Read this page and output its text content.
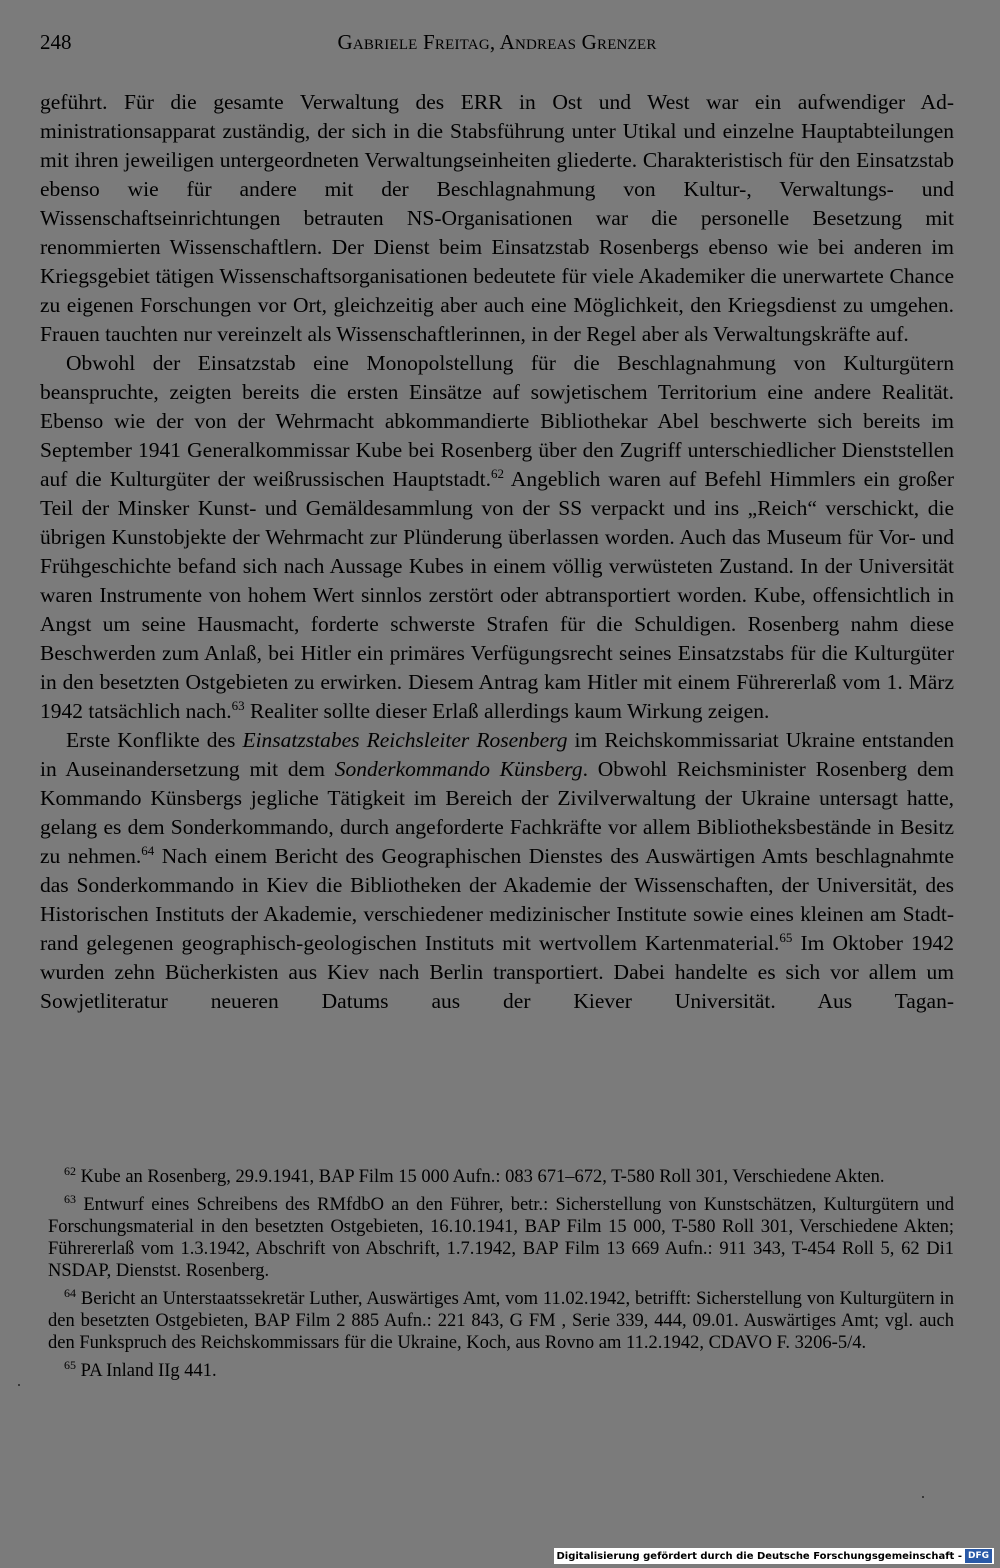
248	Gabriele Freitag, Andreas Grenzer

geführt. Für die gesamte Verwaltung des ERR in Ost und West war ein aufwendiger Administrationsapparat zuständig, der sich in die Stabsführung unter Utikal und einzelne Hauptabteilungen mit ihren jeweiligen untergeordneten Verwaltungseinheiten gliederte. Charakteristisch für den Einsatzstab ebenso wie für andere mit der Beschlagnahmung von Kultur-, Verwaltungs- und Wissenschaftseinrichtungen betrauten NS-Organisationen war die personelle Besetzung mit renommierten Wissenschaftlern. Der Dienst beim Einsatzstab Rosenbergs ebenso wie bei anderen im Kriegsgebiet tätigen Wissenschaftsorganisationen bedeutete für viele Akademiker die unerwartete Chance zu eigenen Forschungen vor Ort, gleichzeitig aber auch eine Möglichkeit, den Kriegsdienst zu umgehen. Frauen tauchten nur vereinzelt als Wissenschaftlerinnen, in der Regel aber als Verwaltungskräfte auf.

Obwohl der Einsatzstab eine Monopolstellung für die Beschlagnahmung von Kulturgütern beanspruchte, zeigten bereits die ersten Einsätze auf sowjetischem Territorium eine andere Realität. Ebenso wie der von der Wehrmacht abkommandierte Bibliothekar Abel beschwerte sich bereits im September 1941 Generalkommissar Kube bei Rosenberg über den Zugriff unterschiedlicher Dienststellen auf die Kulturgüter der weißrussischen Hauptstadt.$^{62}$ Angeblich waren auf Befehl Himmlers ein großer Teil der Minsker Kunst- und Gemäldesammlung von der SS verpackt und ins „Reich“ verschickt, die übrigen Kunstobjekte der Wehrmacht zur Plünderung überlassen worden. Auch das Museum für Vor- und Frühgeschichte befand sich nach Aussage Kubes in einem völlig verwüsteten Zustand. In der Universität waren Instrumente von hohem Wert sinnlos zerstört oder abtransportiert worden. Kube, offensichtlich in Angst um seine Hausmacht, forderte schwerste Strafen für die Schuldigen. Rosenberg nahm diese Beschwerden zum Anlaß, bei Hitler ein primäres Verfügungsrecht seines Einsatzstabs für die Kulturgüter in den besetzten Ostgebieten zu erwirken. Diesem Antrag kam Hitler mit einem Führererlaß vom 1. März 1942 tatsächlich nach.$^{63}$ Realiter sollte dieser Erlaß allerdings kaum Wirkung zeigen.

Erste Konflikte des Einsatzstabes Reichsleiter Rosenberg im Reichskommissariat Ukraine entstanden in Auseinandersetzung mit dem Sonderkommando Künsberg. Obwohl Reichsminister Rosenberg dem Kommando Künsbergs jegliche Tätigkeit im Bereich der Zivilverwaltung der Ukraine untersagt hatte, gelang es dem Sonderkommando, durch angeforderte Fachkräfte vor allem Bibliotheksbestände in Besitz zu nehmen.$^{64}$ Nach einem Bericht des Geographischen Dienstes des Auswärtigen Amts beschlagnahmte das Sonderkommando in Kiev die Bibliotheken der Akademie der Wissenschaften, der Universität, des Historischen Instituts der Akademie, verschiedener medizinischer Institute sowie eines kleinen am Stadtrand gelegenen geographisch-geologischen Instituts mit wertvollem Kartenmaterial.$^{65}$ Im Oktober 1942 wurden zehn Bücherkisten aus Kiev nach Berlin transportiert. Dabei handelte es sich vor allem um Sowjetliteratur neueren Datums aus der Kiever Universität. Aus Tagan-

$^{62}$ Kube an Rosenberg, 29.9.1941, BAP Film 15 000 Aufn.: 083 671–672, T-580 Roll 301, Verschiedene Akten.

$^{63}$ Entwurf eines Schreibens des RMfdbO an den Führer, betr.: Sicherstellung von Kunstschätzen, Kulturgütern und Forschungsmaterial in den besetzten Ostgebieten, 16.10.1941, BAP Film 15 000, T-580 Roll 301, Verschiedene Akten; Führererlaß vom 1.3.1942, Abschrift von Abschrift, 1.7.1942, BAP Film 13 669 Aufn.: 911 343, T-454 Roll 5, 62 Di1 NSDAP, Dienstst. Rosenberg.

$^{64}$ Bericht an Unterstaatssekretär Luther, Auswärtiges Amt, vom 11.02.1942, betrifft: Sicherstellung von Kulturgütern in den besetzten Ostgebieten, BAP Film 2 885 Aufn.: 221 843, G FM , Serie 339, 444, 09.01. Auswärtiges Amt; vgl. auch den Funkspruch des Reichskommissars für die Ukraine, Koch, aus Rovno am 11.2.1942, CDAVO F. 3206-5/4.

$^{65}$ PA Inland IIg 441.

Digitalisierung gefördert durch die Deutsche Forschungsgemeinschaft - DFG
